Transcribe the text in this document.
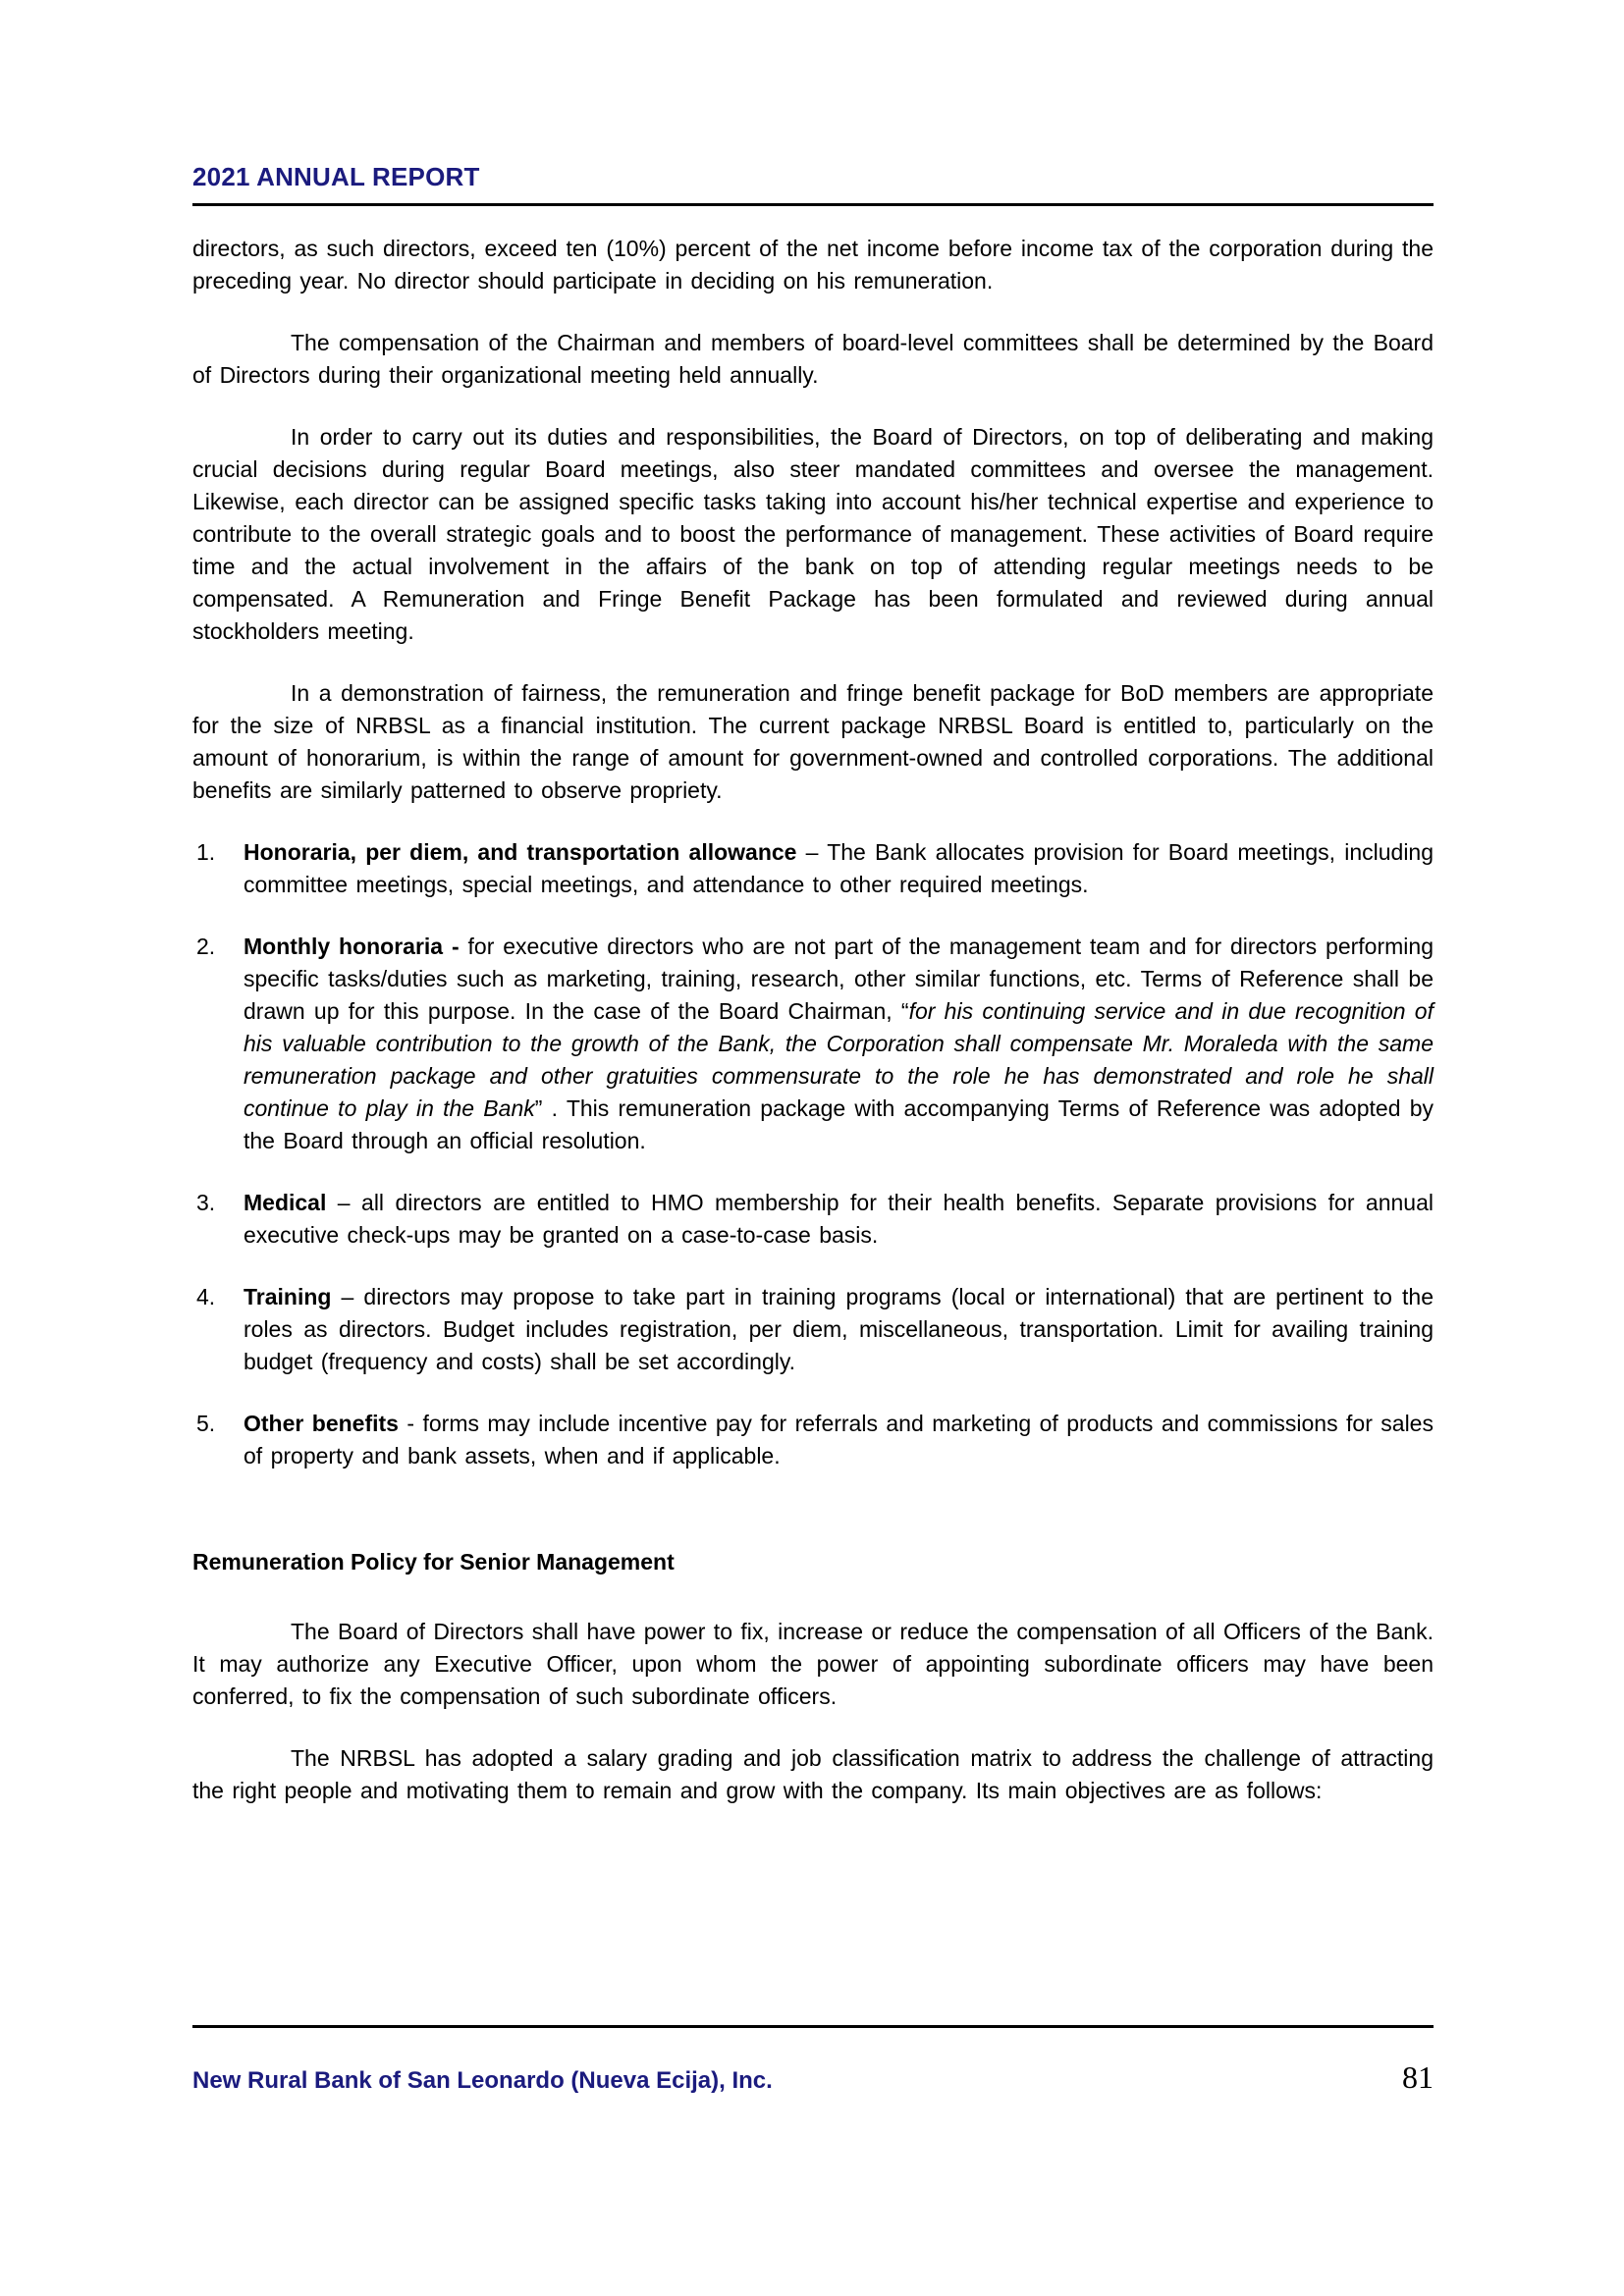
2021 ANNUAL REPORT

directors, as such directors, exceed ten (10%) percent of the net income before income tax of the corporation during the preceding year. No director should participate in deciding on his remuneration.

The compensation of the Chairman and members of board-level committees shall be determined by the Board of Directors during their organizational meeting held annually.

In order to carry out its duties and responsibilities, the Board of Directors, on top of deliberating and making crucial decisions during regular Board meetings, also steer mandated committees and oversee the management. Likewise, each director can be assigned specific tasks taking into account his/her technical expertise and experience to contribute to the overall strategic goals and to boost the performance of management. These activities of Board require time and the actual involvement in the affairs of the bank on top of attending regular meetings needs to be compensated. A Remuneration and Fringe Benefit Package has been formulated and reviewed during annual stockholders meeting.

In a demonstration of fairness, the remuneration and fringe benefit package for BoD members are appropriate for the size of NRBSL as a financial institution. The current package NRBSL Board is entitled to, particularly on the amount of honorarium, is within the range of amount for government-owned and controlled corporations. The additional benefits are similarly patterned to observe propriety.

1. Honoraria, per diem, and transportation allowance – The Bank allocates provision for Board meetings, including committee meetings, special meetings, and attendance to other required meetings.
2. Monthly honoraria - for executive directors who are not part of the management team and for directors performing specific tasks/duties such as marketing, training, research, other similar functions, etc. Terms of Reference shall be drawn up for this purpose. In the case of the Board Chairman, “for his continuing service and in due recognition of his valuable contribution to the growth of the Bank, the Corporation shall compensate Mr. Moraleda with the same remuneration package and other gratuities commensurate to the role he has demonstrated and role he shall continue to play in the Bank” . This remuneration package with accompanying Terms of Reference was adopted by the Board through an official resolution.
3. Medical – all directors are entitled to HMO membership for their health benefits. Separate provisions for annual executive check-ups may be granted on a case-to-case basis.
4. Training – directors may propose to take part in training programs (local or international) that are pertinent to the roles as directors. Budget includes registration, per diem, miscellaneous, transportation. Limit for availing training budget (frequency and costs) shall be set accordingly.
5. Other benefits - forms may include incentive pay for referrals and marketing of products and commissions for sales of property and bank assets, when and if applicable.
Remuneration Policy for Senior Management

The Board of Directors shall have power to fix, increase or reduce the compensation of all Officers of the Bank. It may authorize any Executive Officer, upon whom the power of appointing subordinate officers may have been conferred, to fix the compensation of such subordinate officers.

The NRBSL has adopted a salary grading and job classification matrix to address the challenge of attracting the right people and motivating them to remain and grow with the company. Its main objectives are as follows:

New Rural Bank of San Leonardo (Nueva Ecija), Inc.	81
